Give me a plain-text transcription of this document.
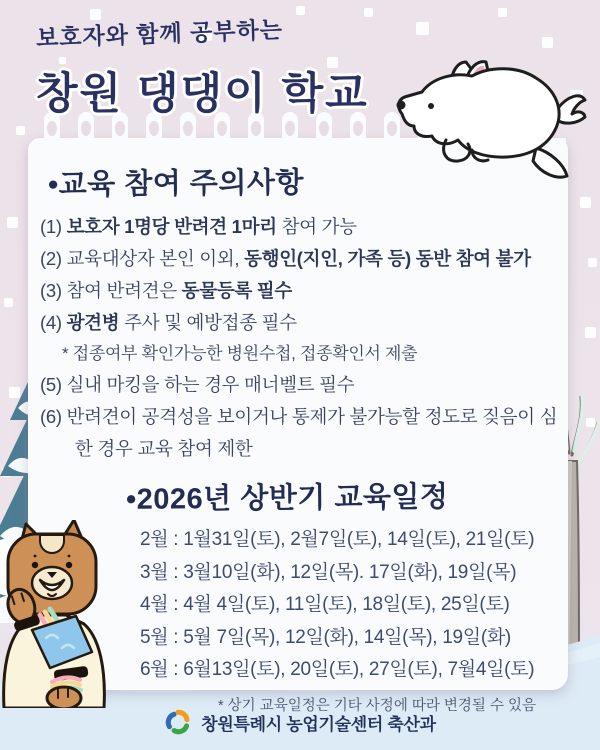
보호자와 함께 공부하는
창원 댕댕이 학교
•교육 참여 주의사항
(1) 보호자 1명당 반려견 1마리 참여 가능
(2) 교육대상자 본인 이외, 동행인(지인, 가족 등) 동반 참여 불가
(3) 참여 반려견은 동물등록 필수
(4) 광견병 주사 및 예방접종 필수
* 접종여부 확인가능한 병원수첩, 접종확인서 제출
(5) 실내 마킹을 하는 경우 매너벨트 필수
(6) 반려견이 공격성을 보이거나 통제가 불가능할 정도로 짖음이 심한 경우 교육 참여 제한
•2026년 상반기 교육일정
2월 : 1월31일(토), 2월7일(토), 14일(토), 21일(토)
3월 : 3월10일(화), 12일(목). 17일(화), 19일(목)
4월 : 4월 4일(토), 11일(토), 18일(토), 25일(토)
5월 : 5월 7일(목), 12일(화), 14일(목), 19일(화)
6월 : 6월13일(토), 20일(토), 27일(토), 7월4일(토)
* 상기 교육일정은 기타 사정에 따라 변경될 수 있음
창원특례시 농업기술센터 축산과
